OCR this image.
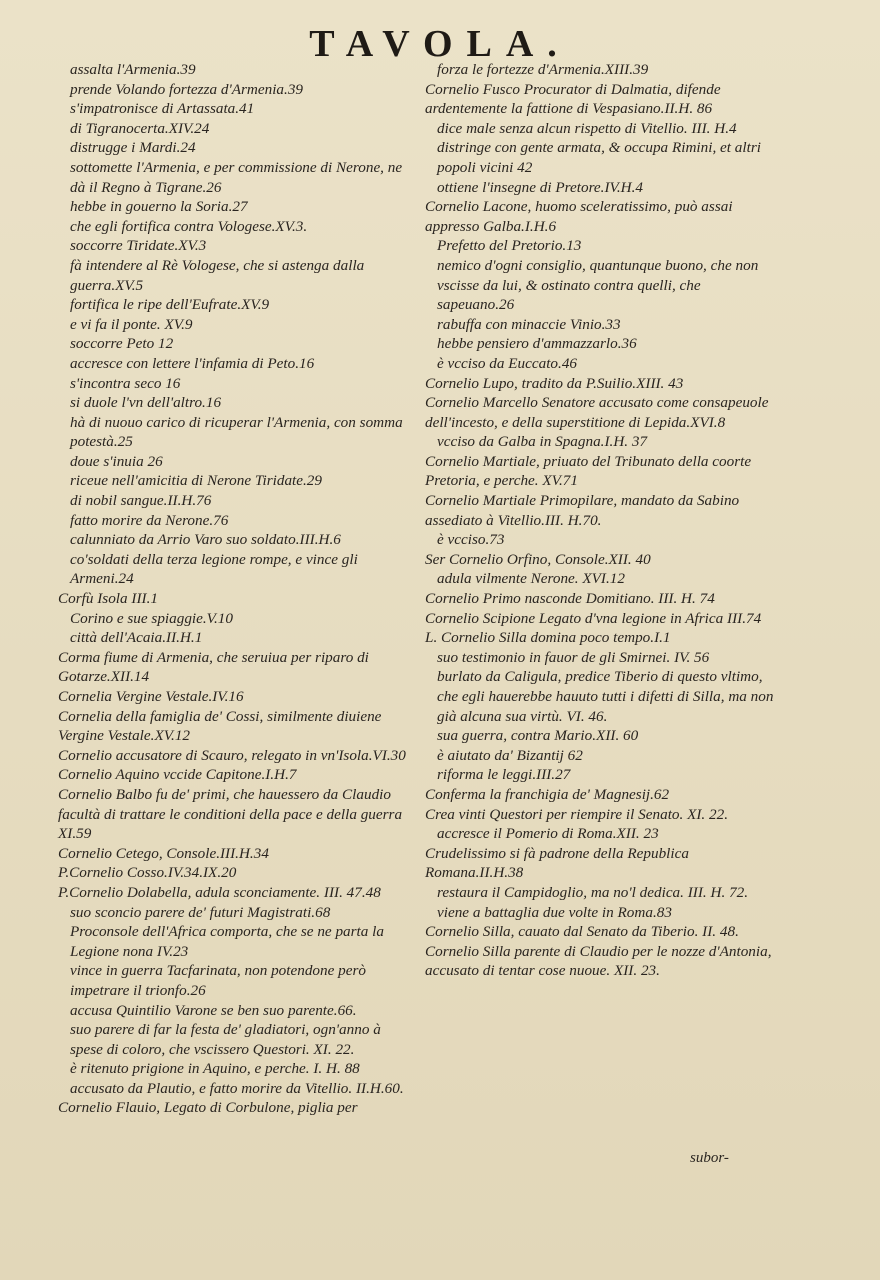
TAVOLA.

assalta l'Armenia.39

prende Volando fortezza d'Armenia.39

s'impatronisce di Artassata.41

di Tigranocerta.XIV.24

distrugge i Mardi.24

sottomette l'Armenia, e per commissione di Nerone, ne dà il Regno à Tigrane.26

hebbe in gouerno la Soria.27

che egli fortifica contra Vologese.XV.3.

soccorre Tiridate.XV.3

fà intendere al Rè Vologese, che si astenga dalla guerra.XV.5

fortifica le ripe dell'Eufrate.XV.9

e vi fa il ponte. XV.9

soccorre Peto 12

accresce con lettere l'infamia di Peto.16

s'incontra seco 16

si duole l'vn dell'altro.16

hà di nuouo carico di ricuperar l'Armenia, con somma potestà.25

doue s'inuia 26

riceue nell'amicitia di Nerone Tiridate.29

di nobil sangue.II.H.76

fatto morire da Nerone.76

calunniato da Arrio Varo suo soldato.III.H.6

co'soldati della terza legione rompe, e vince gli Armeni.24

Corfù Isola III.1

Corino e sue spiaggie.V.10

città dell'Acaia.II.H.1

Corma fiume di Armenia, che seruiua per riparo di Gotarze.XII.14

Cornelia Vergine Vestale.IV.16

Cornelia della famiglia de' Cossi, similmente diuiene Vergine Vestale.XV.12

Cornelio accusatore di Scauro, relegato in vn'Isola.VI.30

Cornelio Aquino vccide Capitone.I.H.7

Cornelio Balbo fu de' primi, che hauessero da Claudio facultà di trattare le conditioni della pace e della guerra XI.59

Cornelio Cetego, Console.III.H.34

P.Cornelio Cosso.IV.34.IX.20

P.Cornelio Dolabella, adula sconciamente. III. 47.48

suo sconcio parere de' futuri Magistrati.68

Proconsole dell'Africa comporta, che se ne parta la Legione nona IV.23

vince in guerra Tacfarinata, non potendone però impetrare il trionfo.26

accusa Quintilio Varone se ben suo parente.66.

suo parere di far la festa de' gladiatori, ogn'anno à spese di coloro, che vscissero Questori. XI. 22.

è ritenuto prigione in Aquino, e perche. I. H. 88

accusato da Plautio, e fatto morire da Vitellio. II.H.60.

Cornelio Flauio, Legato di Corbulone, piglia per

forza le fortezze d'Armenia.XIII.39

Cornelio Fusco Procurator di Dalmatia, difende ardentemente la fattione di Vespasiano.II.H. 86

dice male senza alcun rispetto di Vitellio. III. H.4

distringe con gente armata, & occupa Rimini, et altri popoli vicini 42

ottiene l'insegne di Pretore.IV.H.4

Cornelio Lacone, huomo sceleratissimo, può assai appresso Galba.I.H.6

Prefetto del Pretorio.13

nemico d'ogni consiglio, quantunque buono, che non vscisse da lui, & ostinato contra quelli, che sapeuano.26

rabuffa con minaccie Vinio.33

hebbe pensiero d'ammazzarlo.36

è vcciso da Euccato.46

Cornelio Lupo, tradito da P.Suilio.XIII. 43

Cornelio Marcello Senatore accusato come consapeuole dell'incesto, e della superstitione di Lepida.XVI.8

vcciso da Galba in Spagna.I.H. 37

Cornelio Martiale, priuato del Tribunato della coorte Pretoria, e perche. XV.71

Cornelio Martiale Primopilare, mandato da Sabino assediato à Vitellio.III. H.70.

è vcciso.73

Ser Cornelio Orfino, Console.XII. 40

adula vilmente Nerone. XVI.12

Cornelio Primo nasconde Domitiano. III. H. 74

Cornelio Scipione Legato d'vna legione in Africa III.74

L. Cornelio Silla domina poco tempo.I.1

suo testimonio in fauor de gli Smirnei. IV. 56

burlato da Caligula, predice Tiberio di questo vltimo, che egli hauerebbe hauuto tutti i difetti di Silla, ma non già alcuna sua virtù. VI. 46.

sua guerra, contra Mario.XII. 60

è aiutato da' Bizantij 62

riforma le leggi.III.27

Conferma la franchigia de' Magnesij.62

Crea vinti Questori per riempire il Senato. XI. 22.

accresce il Pomerio di Roma.XII. 23

Crudelissimo si fà padrone della Republica Romana.II.H.38

restaura il Campidoglio, ma no'l dedica. III. H. 72.

viene a battaglia due volte in Roma.83

Cornelio Silla, cauato dal Senato da Tiberio. II. 48.

Cornelio Silla parente di Claudio per le nozze d'Antonia, accusato di tentar cose nuoue. XII. 23.

subor-
